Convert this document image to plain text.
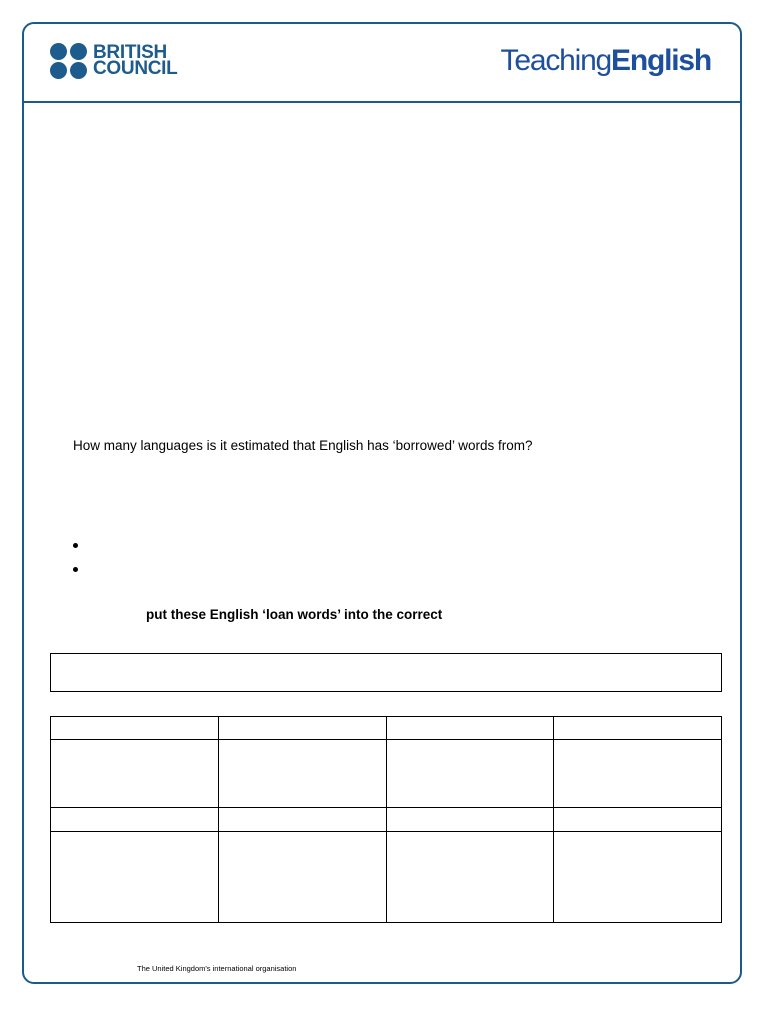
BRITISH
COUNCIL	TeachingEnglish
How many languages is it estimated that English has ‘borrowed’ words from?
put these English ‘loan words’ into the correct

The United Kingdom's international organisation
